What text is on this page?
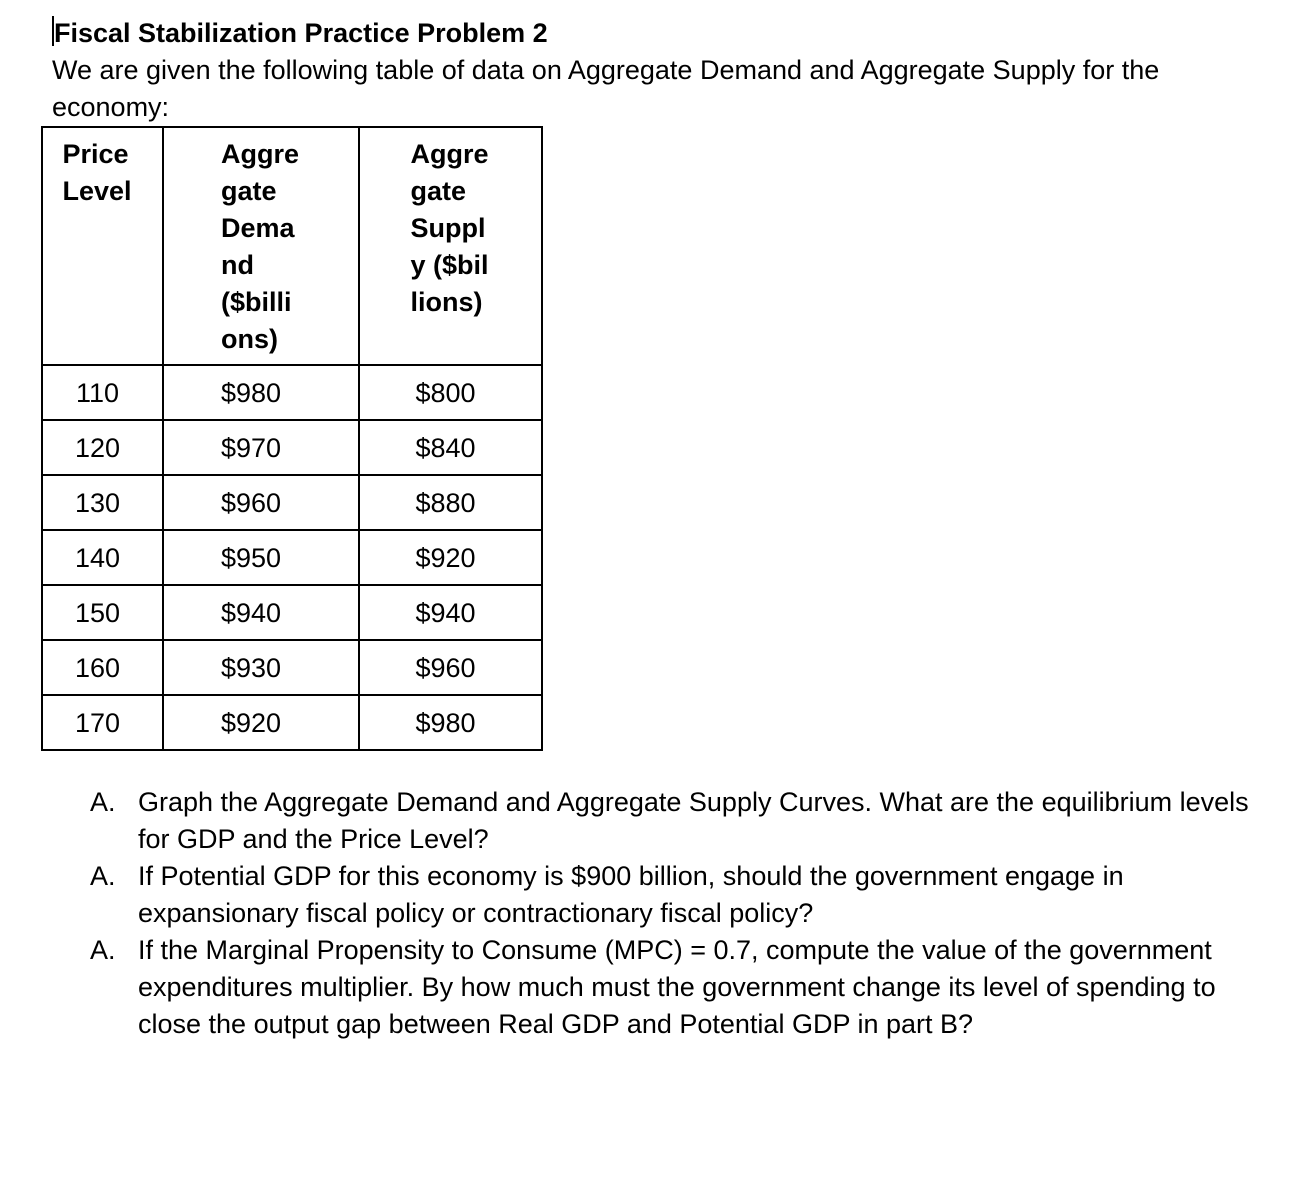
Fiscal Stabilization Practice Problem 2
We are given the following table of data on Aggregate Demand and Aggregate Supply for the economy:
Price Level	Aggregate Demand ($billions)	Aggregate Supply ($billions)
110	$980	$800
120	$970	$840
130	$960	$880
140	$950	$920
150	$940	$940
160	$930	$960
170	$920	$980
A. Graph the Aggregate Demand and Aggregate Supply Curves. What are the equilibrium levels for GDP and the Price Level?
A. If Potential GDP for this economy is $900 billion, should the government engage in expansionary fiscal policy or contractionary fiscal policy?
A. If the Marginal Propensity to Consume (MPC) = 0.7, compute the value of the government expenditures multiplier. By how much must the government change its level of spending to close the output gap between Real GDP and Potential GDP in part B?
